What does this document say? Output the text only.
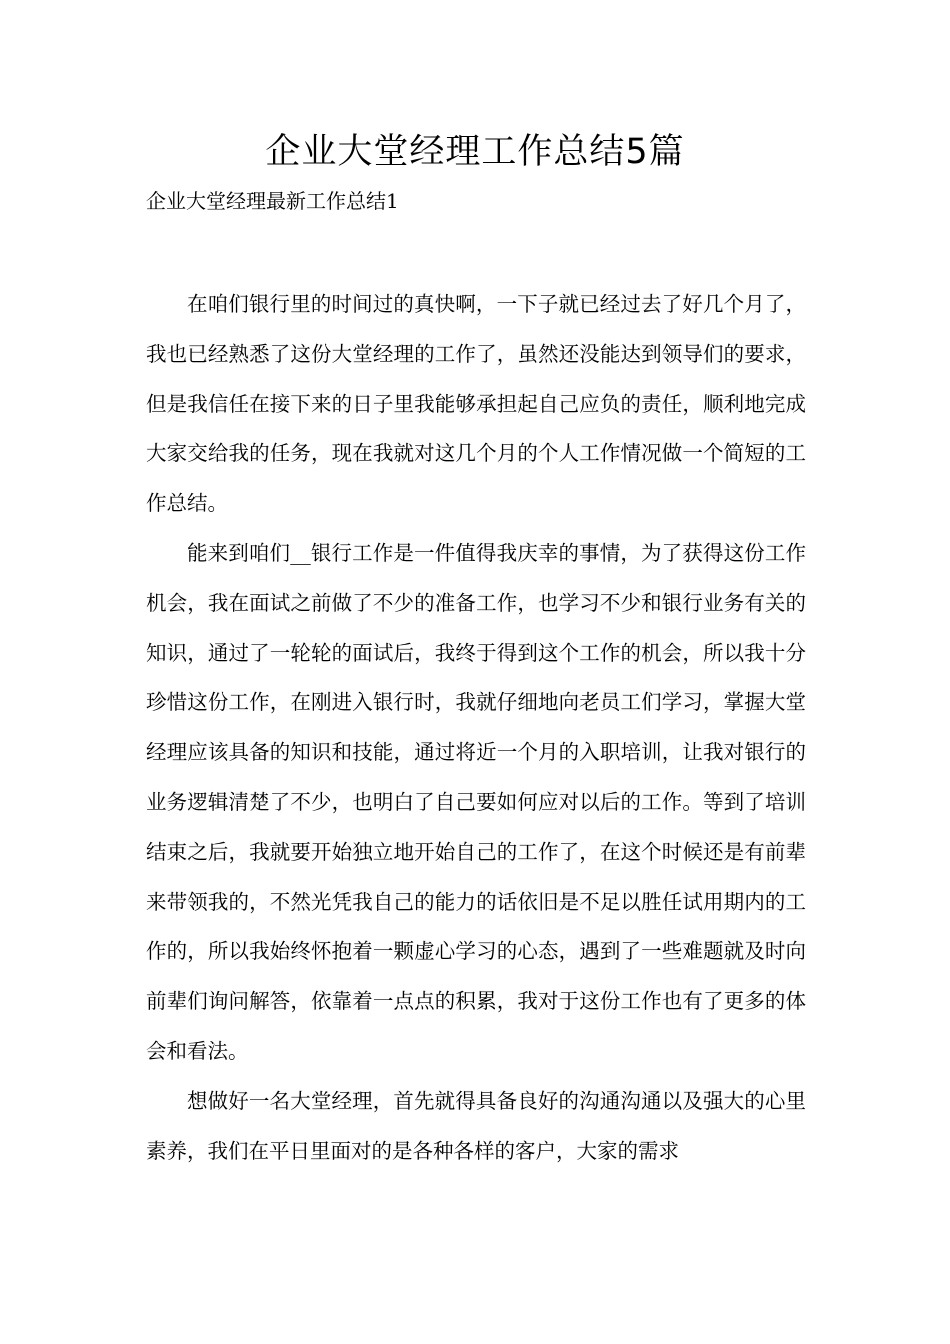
企业大堂经理工作总结5篇
企业大堂经理最新工作总结1

在咱们银行里的时间过的真快啊，一下子就已经过去了好几个月了，我也已经熟悉了这份大堂经理的工作了，虽然还没能达到领导们的要求，但是我信任在接下来的日子里我能够承担起自己应负的责任，顺利地完成大家交给我的任务，现在我就对这几个月的个人工作情况做一个简短的工作总结。

能来到咱们__银行工作是一件值得我庆幸的事情，为了获得这份工作机会，我在面试之前做了不少的准备工作，也学习不少和银行业务有关的知识，通过了一轮轮的面试后，我终于得到这个工作的机会，所以我十分珍惜这份工作，在刚进入银行时，我就仔细地向老员工们学习，掌握大堂经理应该具备的知识和技能，通过将近一个月的入职培训，让我对银行的业务逻辑清楚了不少，也明白了自己要如何应对以后的工作。等到了培训结束之后，我就要开始独立地开始自己的工作了，在这个时候还是有前辈来带领我的，不然光凭我自己的能力的话依旧是不足以胜任试用期内的工作的，所以我始终怀抱着一颗虚心学习的心态，遇到了一些难题就及时向前辈们询问解答，依靠着一点点的积累，我对于这份工作也有了更多的体会和看法。

想做好一名大堂经理，首先就得具备良好的沟通沟通以及强大的心里素养，我们在平日里面对的是各种各样的客户，大家的需求
